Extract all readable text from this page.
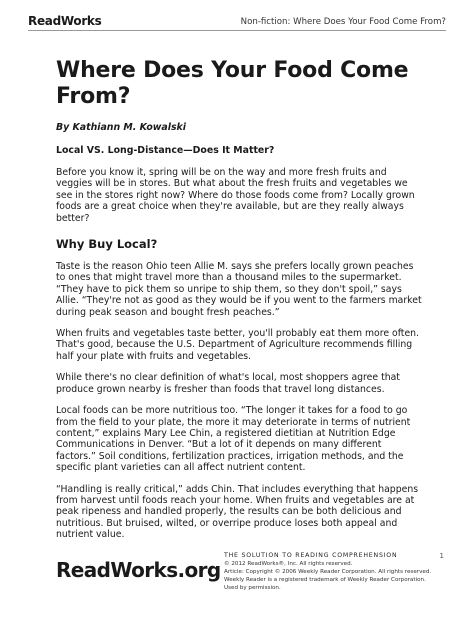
ReadWorks	Non-fiction: Where Does Your Food Come From?
Where Does Your Food Come From?
By Kathiann M. Kowalski
Local VS. Long-Distance—Does It Matter?

Before you know it, spring will be on the way and more fresh fruits and veggies will be in stores. But what about the fresh fruits and vegetables we see in the stores right now? Where do those foods come from? Locally grown foods are a great choice when they're available, but are they really always better?

Why Buy Local?

Taste is the reason Ohio teen Allie M. says she prefers locally grown peaches to ones that might travel more than a thousand miles to the supermarket. “They have to pick them so unripe to ship them, so they don't spoil,” says Allie. “They're not as good as they would be if you went to the farmers market during peak season and bought fresh peaches.”

When fruits and vegetables taste better, you'll probably eat them more often. That's good, because the U.S. Department of Agriculture recommends filling half your plate with fruits and vegetables.

While there's no clear definition of what's local, most shoppers agree that produce grown nearby is fresher than foods that travel long distances.

Local foods can be more nutritious too. “The longer it takes for a food to go from the field to your plate, the more it may deteriorate in terms of nutrient content,” explains Mary Lee Chin, a registered dietitian at Nutrition Edge Communications in Denver. “But a lot of it depends on many different factors.” Soil conditions, fertilization practices, irrigation methods, and the specific plant varieties can all affect nutrient content.

“Handling is really critical,” adds Chin. That includes everything that happens from harvest until foods reach your home. When fruits and vegetables are at peak ripeness and handled properly, the results can be both delicious and nutritious. But bruised, wilted, or overripe produce loses both appeal and nutrient value.

1
ReadWorks.org
THE SOLUTION TO READING COMPREHENSION
© 2012 ReadWorks®, Inc. All rights reserved.
Article: Copyright © 2006 Weekly Reader Corporation. All rights reserved.
Weekly Reader is a registered trademark of Weekly Reader Corporation.
Used by permission.
